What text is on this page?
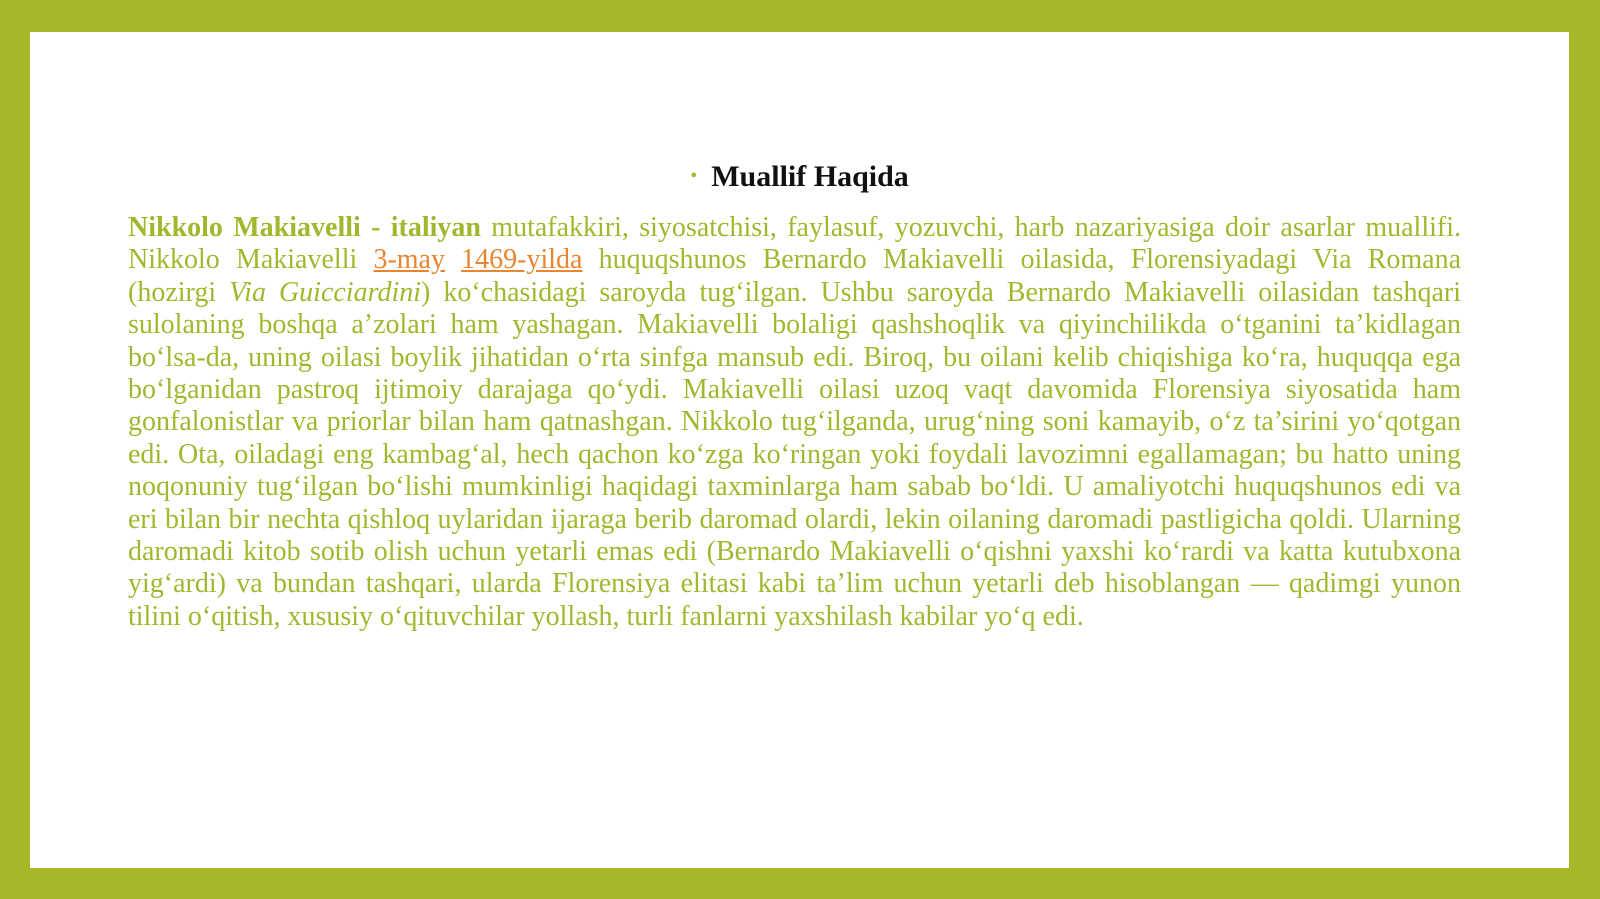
• Muallif Haqida

Nikkolo Makiavelli - italiyan mutafakkiri, siyosatchisi, faylasuf, yozuvchi, harb nazariyasiga doir asarlar muallifi. Nikkolo Makiavelli 3-may 1469-yilda huquqshunos Bernardo Makiavelli oilasida, Florensiyadagi Via Romana (hozirgi Via Guicciardini) ko‘chasidagi saroyda tug‘ilgan. Ushbu saroyda Bernardo Makiavelli oilasidan tashqari sulolaning boshqa a’zolari ham yashagan. Makiavelli bolaligi qashshoqlik va qiyinchilikda o‘tganini ta’kidlagan bo‘lsa-da, uning oilasi boylik jihatidan o‘rta sinfga mansub edi. Biroq, bu oilani kelib chiqishiga ko‘ra, huquqqa ega bo‘lganidan pastroq ijtimoiy darajaga qo‘ydi. Makiavelli oilasi uzoq vaqt davomida Florensiya siyosatida ham gonfalonistlar va priorlar bilan ham qatnashgan. Nikkolo tug‘ilganda, urug‘ning soni kamayib, o‘z ta’sirini yo‘qotgan edi. Ota, oiladagi eng kambag‘al, hech qachon ko‘zga ko‘ringan yoki foydali lavozimni egallamagan; bu hatto uning noqonuniy tug‘ilgan bo‘lishi mumkinligi haqidagi taxminlarga ham sabab bo‘ldi. U amaliyotchi huquqshunos edi va eri bilan bir nechta qishloq uylaridan ijaraga berib daromad olardi, lekin oilaning daromadi pastligicha qoldi. Ularning daromadi kitob sotib olish uchun yetarli emas edi (Bernardo Makiavelli o‘qishni yaxshi ko‘rardi va katta kutubxona yig‘ardi) va bundan tashqari, ularda Florensiya elitasi kabi ta’lim uchun yetarli deb hisoblangan — qadimgi yunon tilini o‘qitish, xususiy o‘qituvchilar yollash, turli fanlarni yaxshilash kabilar yo‘q edi.
